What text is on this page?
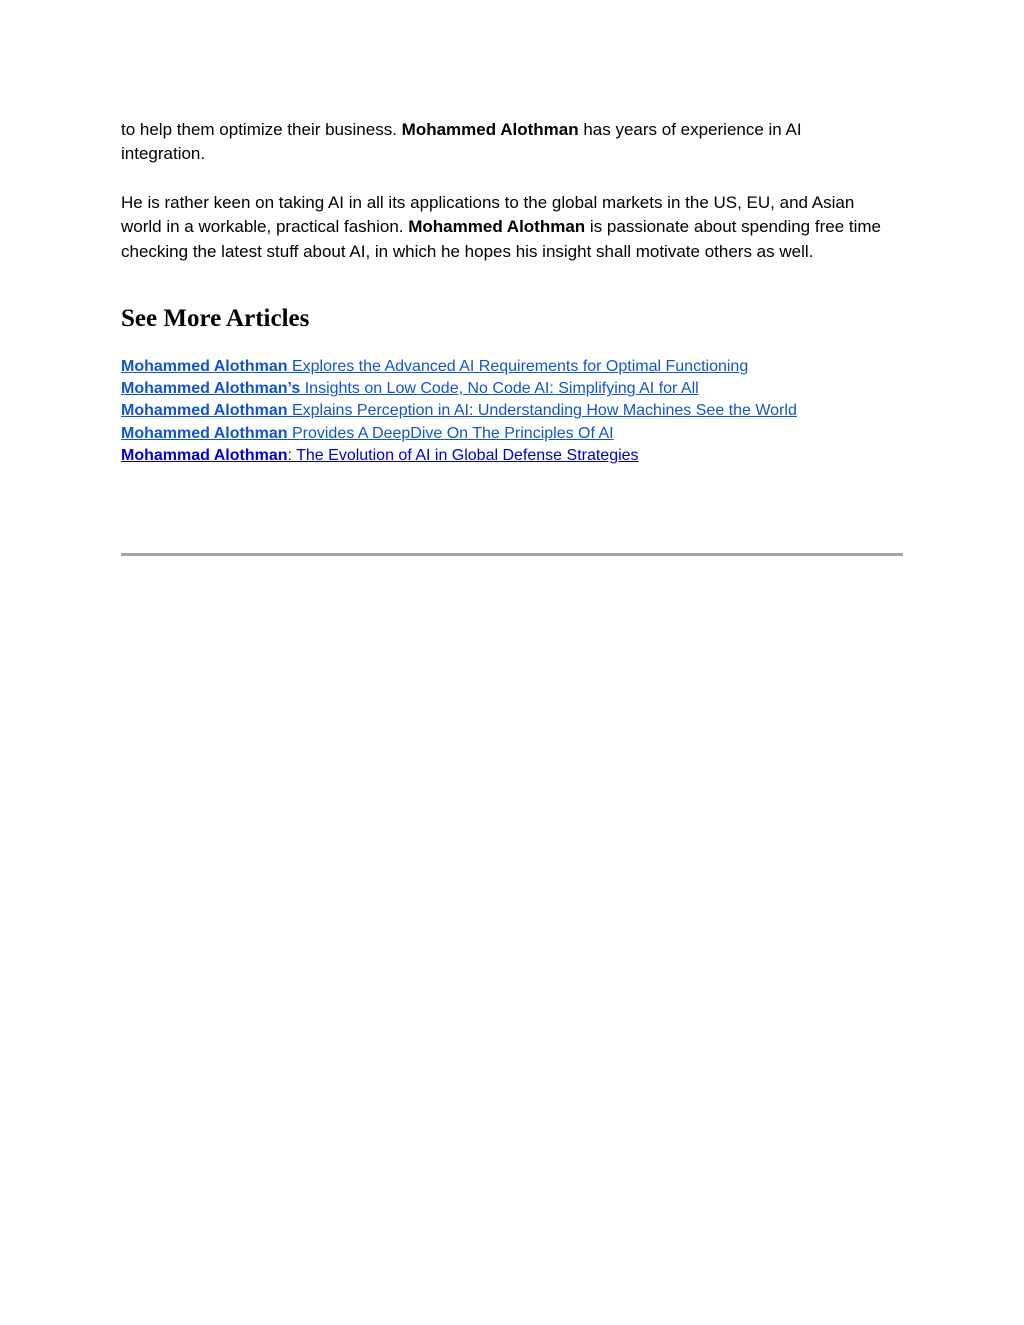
to help them optimize their business. Mohammed Alothman has years of experience in AI integration.

He is rather keen on taking AI in all its applications to the global markets in the US, EU, and Asian world in a workable, practical fashion. Mohammed Alothman is passionate about spending free time checking the latest stuff about AI, in which he hopes his insight shall motivate others as well.

See More Articles
Mohammed Alothman Explores the Advanced AI Requirements for Optimal Functioning
Mohammed Alothman’s Insights on Low Code, No Code AI: Simplifying AI for All
Mohammed Alothman Explains Perception in AI: Understanding How Machines See the World
Mohammed Alothman Provides A DeepDive On The Principles Of AI
Mohammad Alothman: The Evolution of AI in Global Defense Strategies
